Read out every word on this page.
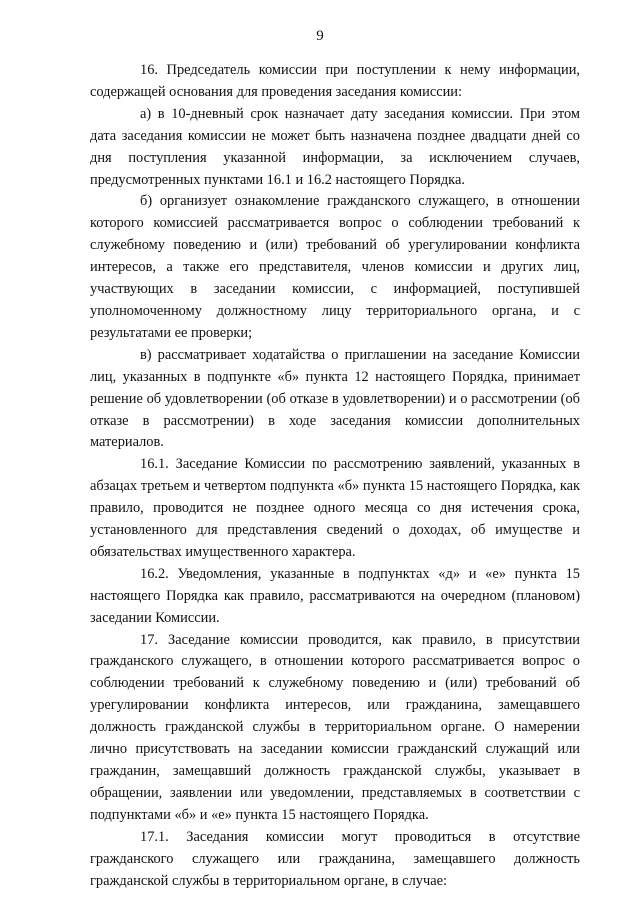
9

16. Председатель комиссии при поступлении к нему информации, содержащей основания для проведения заседания комиссии:

а) в 10-дневный срок назначает дату заседания комиссии. При этом дата заседания комиссии не может быть назначена позднее двадцати дней со дня поступления указанной информации, за исключением случаев, предусмотренных пунктами 16.1 и 16.2 настоящего Порядка.

б) организует ознакомление гражданского служащего, в отношении которого комиссией рассматривается вопрос о соблюдении требований к служебному поведению и (или) требований об урегулировании конфликта интересов, а также его представителя, членов комиссии и других лиц, участвующих в заседании комиссии, с информацией, поступившей уполномоченному должностному лицу территориального органа, и с результатами ее проверки;

в) рассматривает ходатайства о приглашении на заседание Комиссии лиц, указанных в подпункте «б» пункта 12 настоящего Порядка, принимает решение об удовлетворении (об отказе в удовлетворении) и о рассмотрении (об отказе в рассмотрении) в ходе заседания комиссии дополнительных материалов.

16.1. Заседание Комиссии по рассмотрению заявлений, указанных в абзацах третьем и четвертом подпункта «б» пункта 15 настоящего Порядка, как правило, проводится не позднее одного месяца со дня истечения срока, установленного для представления сведений о доходах, об имуществе и обязательствах имущественного характера.

16.2. Уведомления, указанные в подпунктах «д» и «е» пункта 15 настоящего Порядка как правило, рассматриваются на очередном (плановом) заседании Комиссии.

17. Заседание комиссии проводится, как правило, в присутствии гражданского служащего, в отношении которого рассматривается вопрос о соблюдении требований к служебному поведению и (или) требований об урегулировании конфликта интересов, или гражданина, замещавшего должность гражданской службы в территориальном органе. О намерении лично присутствовать на заседании комиссии гражданский служащий или гражданин, замещавший должность гражданской службы, указывает в обращении, заявлении или уведомлении, представляемых в соответствии с подпунктами «б» и «е» пункта 15 настоящего Порядка.

17.1. Заседания комиссии могут проводиться в отсутствие гражданского служащего или гражданина, замещавшего должность гражданской службы в территориальном органе, в случае:
